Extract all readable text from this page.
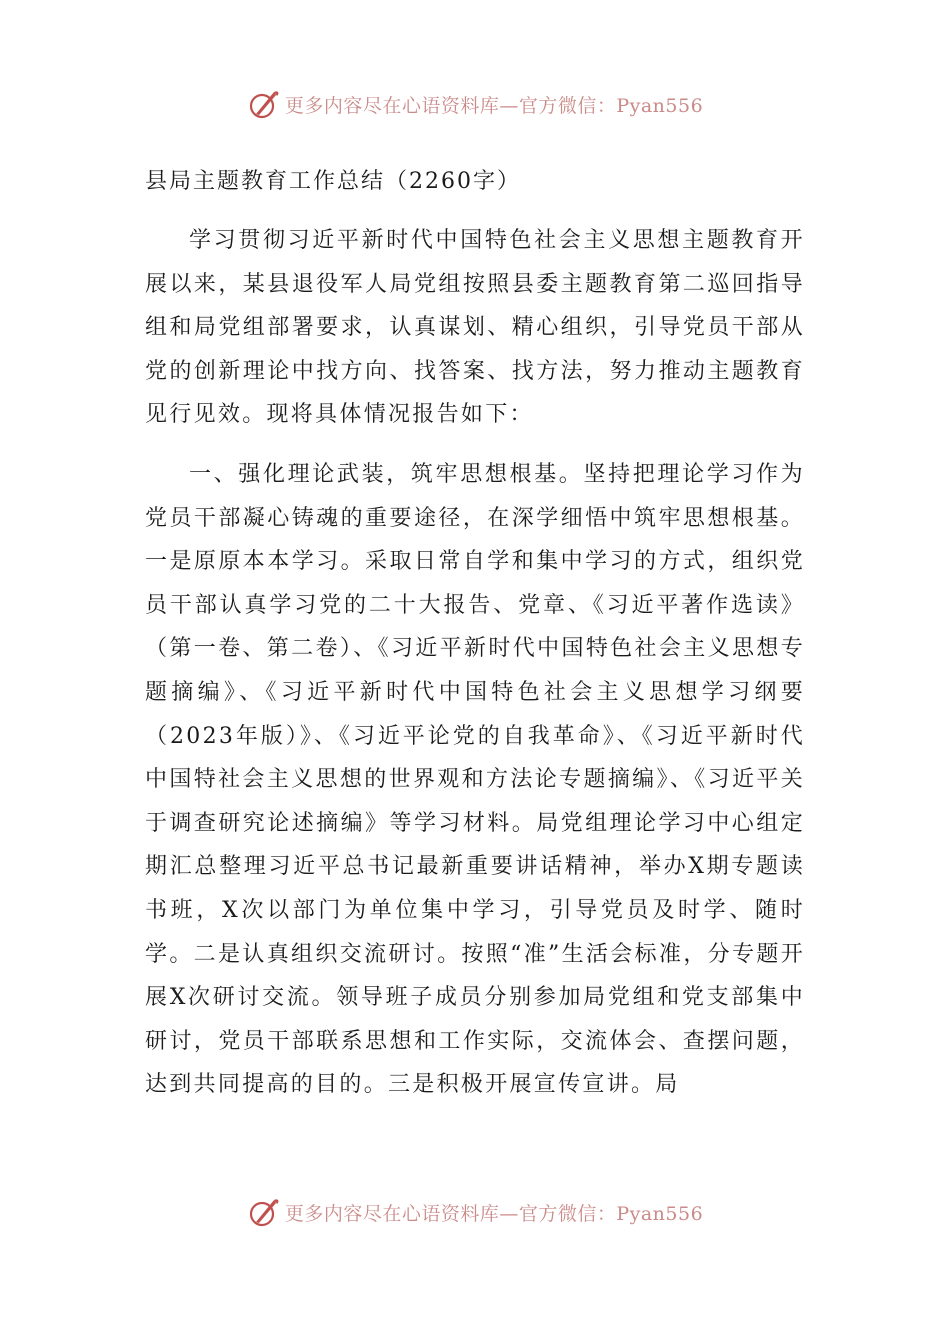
更多内容尽在心语资料库—官方微信：Pyan556
县局主题教育工作总结（2260字）

学习贯彻习近平新时代中国特色社会主义思想主题教育开展以来，某县退役军人局党组按照县委主题教育第二巡回指导组和局党组部署要求，认真谋划、精心组织，引导党员干部从党的创新理论中找方向、找答案、找方法，努力推动主题教育见行见效。现将具体情况报告如下：

一、强化理论武装，筑牢思想根基。坚持把理论学习作为党员干部凝心铸魂的重要途径，在深学细悟中筑牢思想根基。一是原原本本学习。采取日常自学和集中学习的方式，组织党员干部认真学习党的二十大报告、党章、《习近平著作选读》（第一卷、第二卷）、《习近平新时代中国特色社会主义思想专题摘编》、《习近平新时代中国特色社会主义思想学习纲要（2023年版）》、《习近平论党的自我革命》、《习近平新时代中国特社会主义思想的世界观和方法论专题摘编》、《习近平关于调查研究论述摘编》等学习材料。局党组理论学习中心组定期汇总整理习近平总书记最新重要讲话精神，举办X期专题读书班，X次以部门为单位集中学习，引导党员及时学、随时学。二是认真组织交流研讨。按照“准”生活会标准，分专题开展X次研讨交流。领导班子成员分别参加局党组和党支部集中研讨，党员干部联系思想和工作实际，交流体会、查摆问题，达到共同提高的目的。三是积极开展宣传宣讲。局

更多内容尽在心语资料库—官方微信：Pyan556
